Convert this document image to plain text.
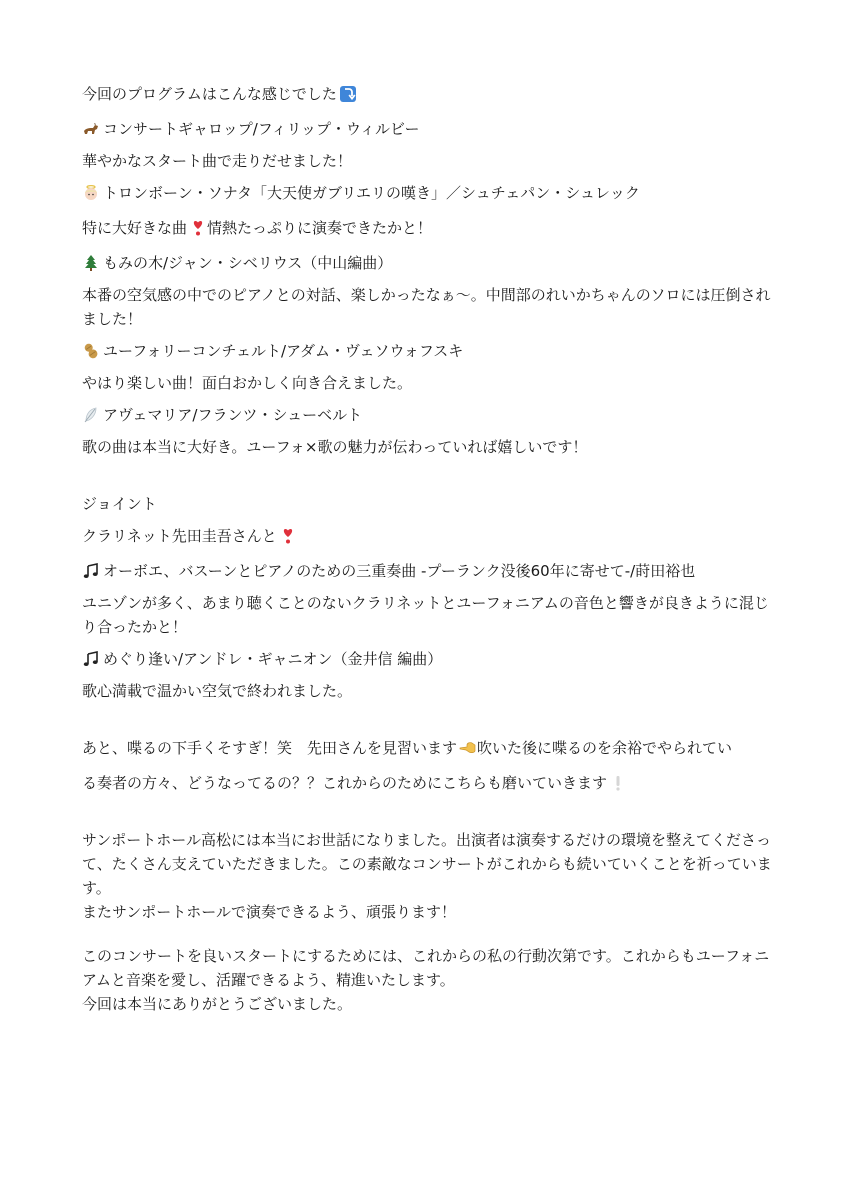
今回のプログラムはこんな感じでした
コンサートギャロップ/フィリップ・ウィルビー
華やかなスタート曲で走りだせました！
トロンボーン・ソナタ「大天使ガブリエリの嘆き」／シュチェパン・シュレック
特に大好きな曲 情熱たっぷりに演奏できたかと！
もみの木/ジャン・シベリウス（中山編曲）
本番の空気感の中でのピアノとの対話、楽しかったなぁ〜。中間部のれいかちゃんのソロには圧倒されました！
ユーフォリーコンチェルト/アダム・ヴェソウォフスキ
やはり楽しい曲！面白おかしく向き合えました。
アヴェマリア/フランツ・シューベルト
歌の曲は本当に大好き。ユーフォ×歌の魅力が伝わっていれば嬉しいです！
ジョイント
クラリネット先田圭吾さんと
オーボエ、バスーンとピアノのための三重奏曲 -プーランク没後60年に寄せて-/莳田裕也
ユニゾンが多く、あまり聴くことのないクラリネットとユーフォニアムの音色と響きが良きように混じり合ったかと！
めぐり逢い/アンドレ・ギャニオン（金井信 編曲）
歌心満載で温かい空気で終われました。
あと、喋るの下手くそすぎ！笑　先田さんを見習います 吹いた後に喋るのを余裕でやられてい
る奏者の方々、どうなってるの？？これからのためにこちらも磨いていきます
サンポートホール高松には本当にお世話になりました。出演者は演奏するだけの環境を整えてくださって、たくさん支えていただきました。この素敵なコンサートがこれからも続いていくことを祈っています。
またサンポートホールで演奏できるよう、頑張ります！
このコンサートを良いスタートにするためには、これからの私の行動次第です。これからもユーフォニアムと音楽を愛し、活躍できるよう、精進いたします。
今回は本当にありがとうございました。
